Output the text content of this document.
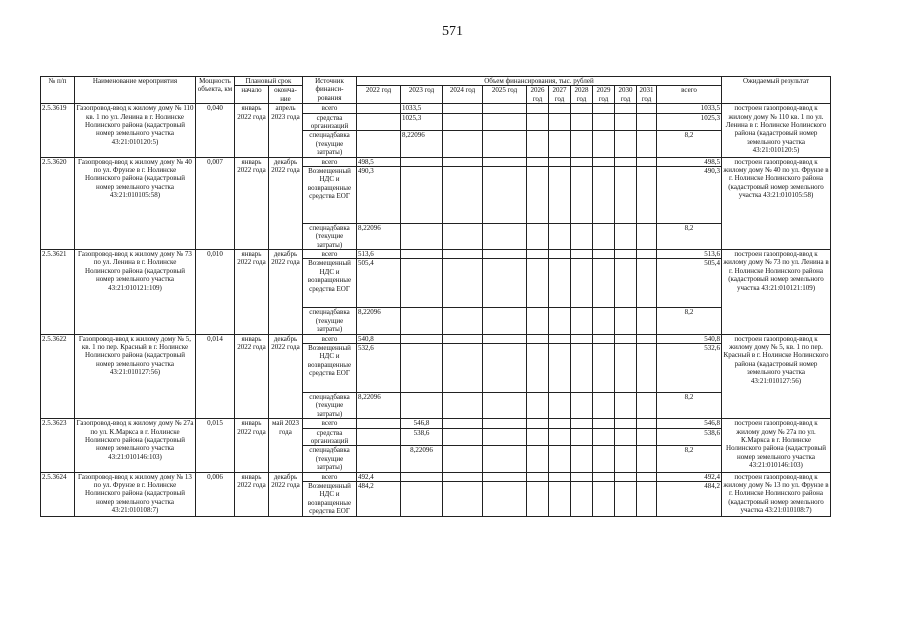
571
№ п/п	Наименование мероприятия	Мощность объекта, км	Плановый срок		Источник финанси-рования	Объем финансирования, тыс. рублей											Ожидаемый результат
			начало	оконча-ние		2022 год	2023 год	2024 год	2025 год	2026 год	2027 год	2028 год	2029 год	2030 год	2031 год	всего	
2.5.3619	Газопровод-ввод к жилому дому № 110 кв. 1 по ул. Ленина в г. Нолинске Нолинского района (кадастровый номер земельного участка 43:21:010120:5)	0,040	январь 2022 года	апрель 2023 года	всего		1033,5									1033,5	построен газопровод-ввод к жилому дому № 110 кв. 1 по ул. Ленина в г. Нолинске Нолинского района (кадастровый номер земельного участка 43:21:010120:5)
					средства организаций		1025,3									1025,3	
					спецнадбавка (текущие затраты)		8,22096									8,2	
2.5.3620	Газопровод-ввод к жилому дому № 40 по ул. Фрунзе в г. Нолинске Нолинского района (кадастровый номер земельного участка 43:21:010105:58)	0,007	январь 2022 года	декабрь 2022 года	всего	498,5										498,5	построен газопровод-ввод к жилому дому № 40 по ул. Фрунзе в г. Нолинске Нолинского района (кадастровый номер земельного участка 43:21:010105:58)
					Возмещенный НДС и возвращенные средства ЕОГ	490,3										490,3	
					спецнадбавка (текущие затраты)	8,22096										8,2	
2.5.3621	Газопровод-ввод к жилому дому № 73 по ул. Ленина в г. Нолинске Нолинского района (кадастровый номер земельного участка 43:21:010121:109)	0,010	январь 2022 года	декабрь 2022 года	всего	513,6										513,6	построен газопровод-ввод к жилому дому № 73 по ул. Ленина в г. Нолинске Нолинского района (кадастровый номер земельного участка 43:21:010121:109)
					Возмещенный НДС и возвращенные средства ЕОГ	505,4										505,4	
					спецнадбавка (текущие затраты)	8,22096										8,2	
2.5.3622	Газопровод-ввод к жилому дому № 5, кв. 1 по пер. Красный в г. Нолинске Нолинского района (кадастровый номер земельного участка 43:21:010127:56)	0,014	январь 2022 года	декабрь 2022 года	всего	540,8										540,8	построен газопровод-ввод к жилому дому № 5, кв. 1 по пер. Красный в г. Нолинске Нолинского района (кадастровый номер земельного участка 43:21:010127:56)
					Возмещенный НДС и возвращенные средства ЕОГ	532,6										532,6	
					спецнадбавка (текущие затраты)	8,22096										8,2	
2.5.3623	Газопровод-ввод к жилому дому № 27а по ул. К.Маркса в г. Нолинске Нолинского района (кадастровый номер земельного участка 43:21:010146:103)	0,015	январь 2022 года	май 2023 года	всего		546,8									546,8	построен газопровод-ввод к жилому дому № 27а по ул. К.Маркса в г. Нолинске Нолинского района (кадастровый номер земельного участка 43:21:010146:103)
					средства организаций		538,6									538,6	
					спецнадбавка (текущие затраты)		8,22096									8,2	
2.5.3624	Газопровод-ввод к жилому дому № 13 по ул. Фрунзе в г. Нолинске Нолинского района (кадастровый номер земельного участка 43:21:010108:7)	0,006	январь 2022 года	декабрь 2022 года	всего	492,4										492,4	построен газопровод-ввод к жилому дому № 13 по ул. Фрунзе в г. Нолинске Нолинского района (кадастровый номер земельного участка 43:21:010108:7)
					Возмещенный НДС и возвращенные средства ЕОГ	484,2										484,2	
